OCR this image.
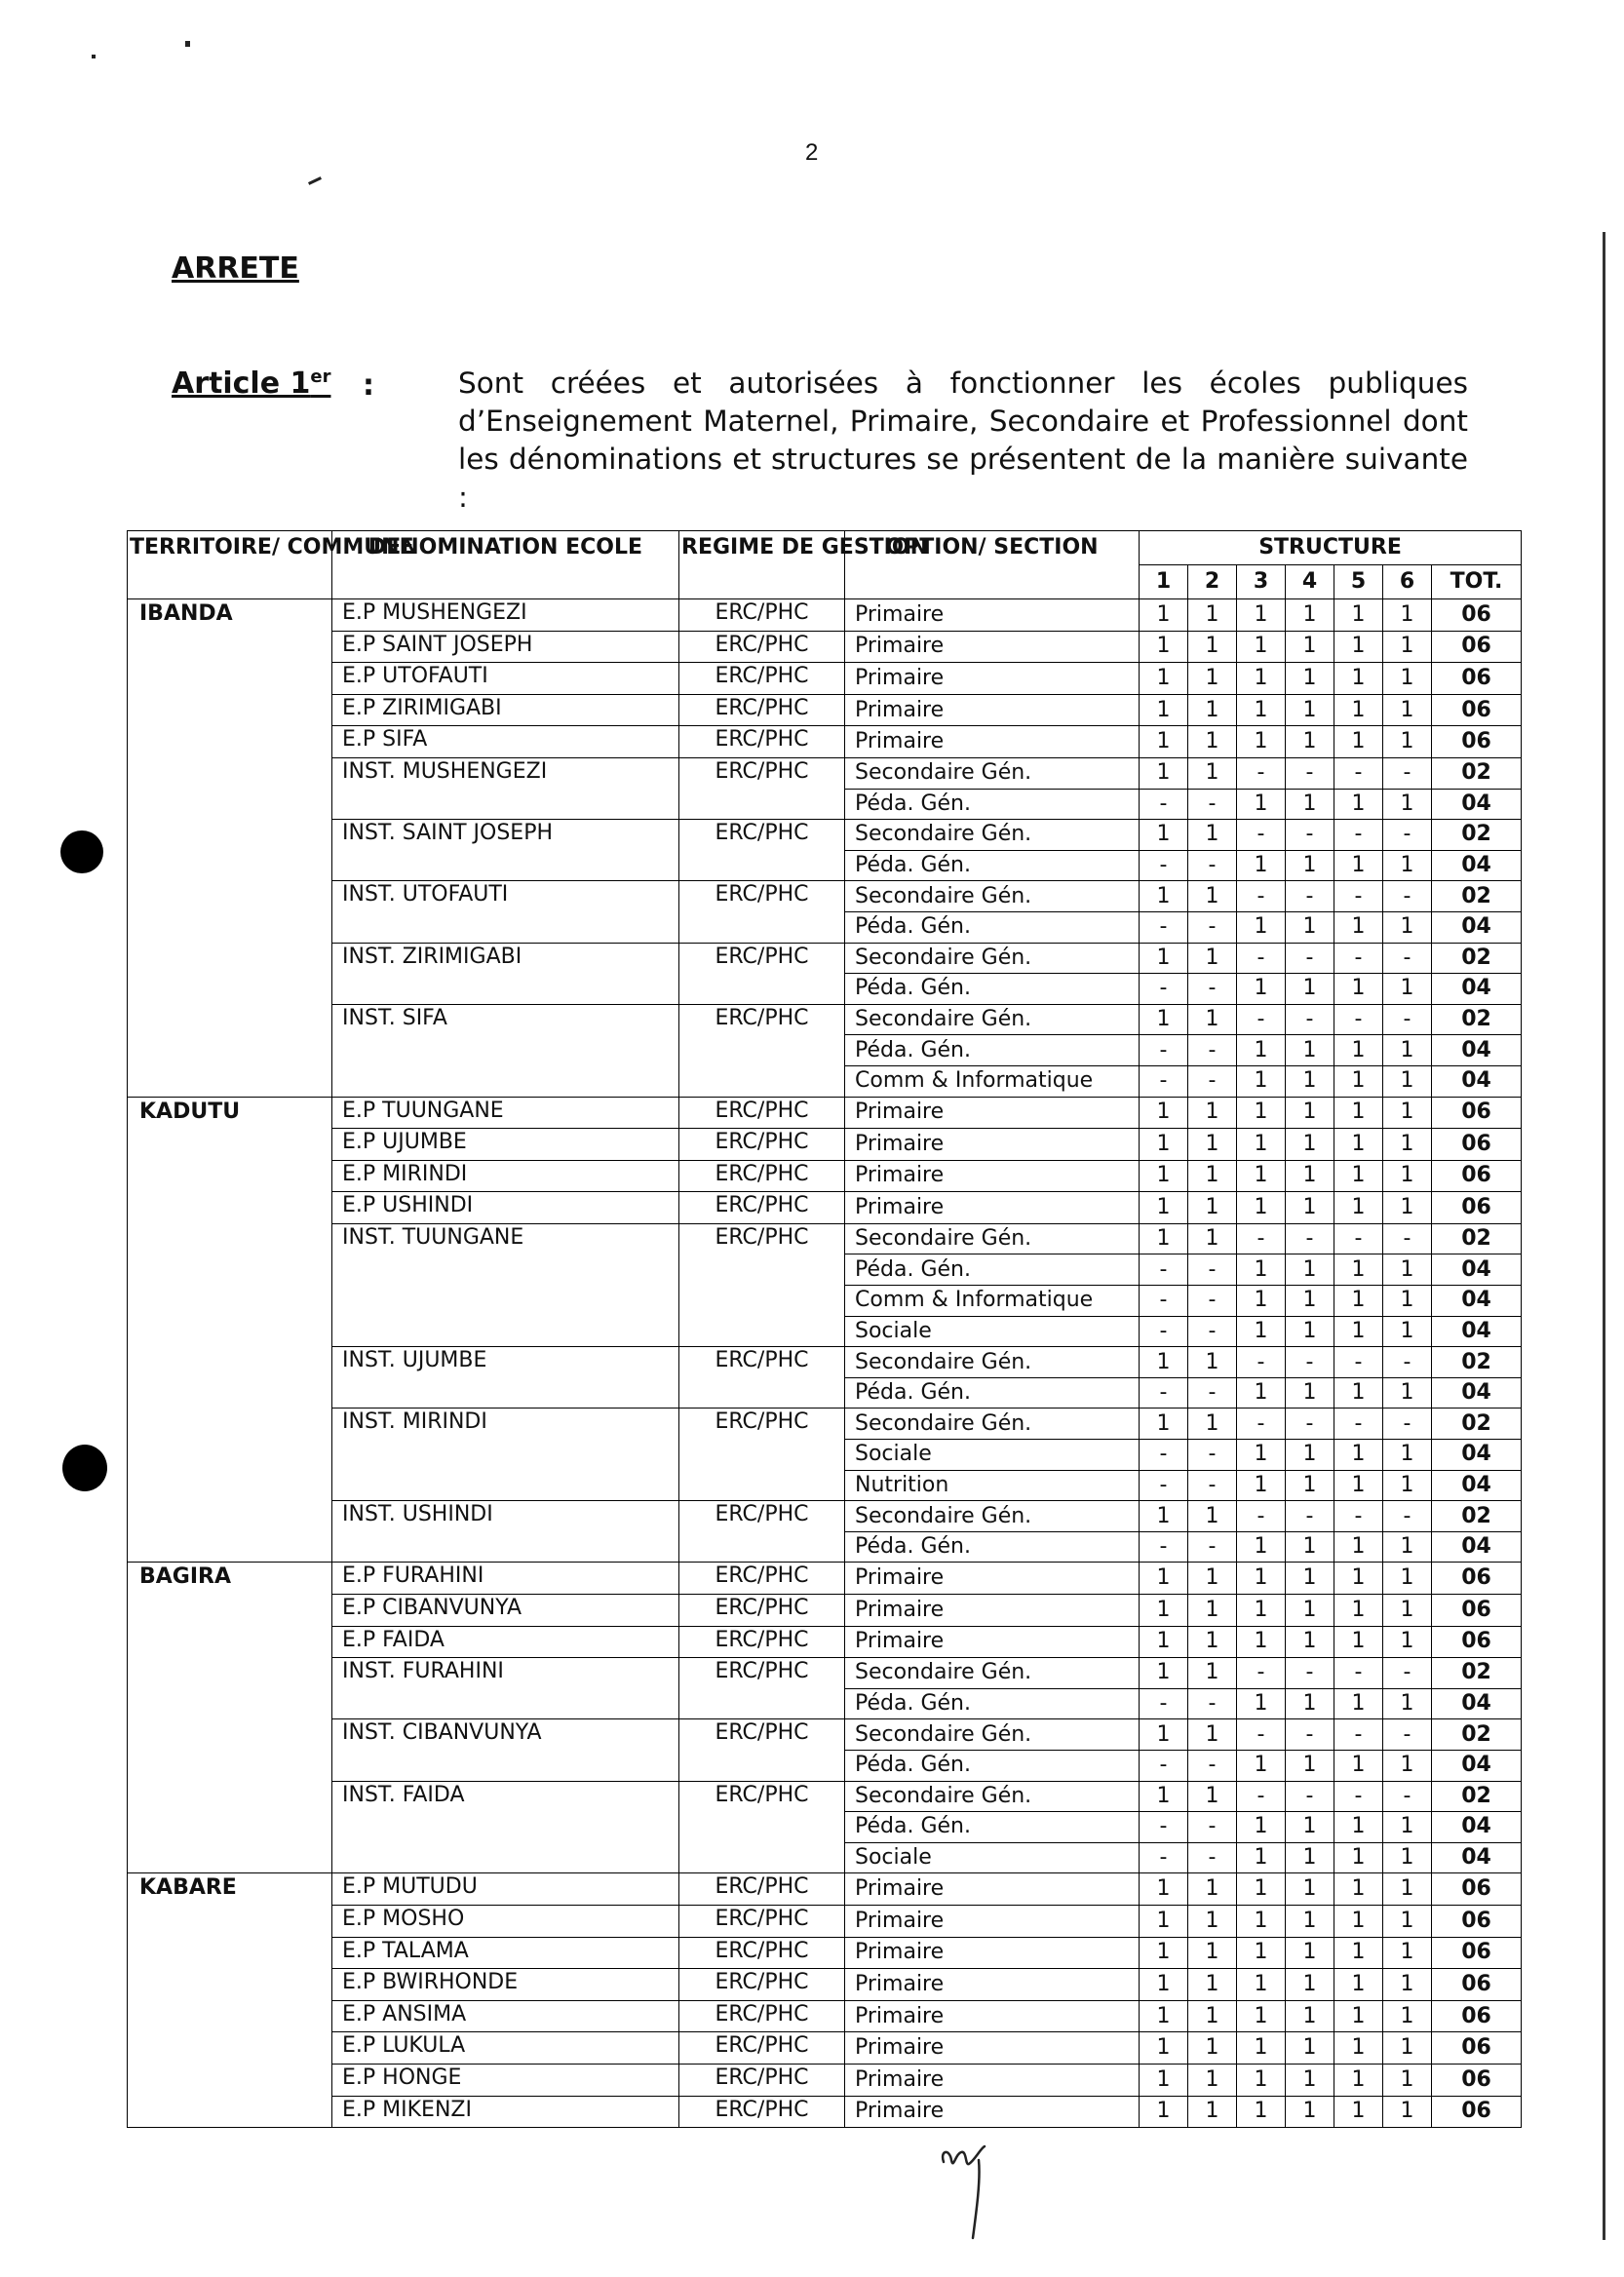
2
ARRETE
Article 1er :	Sont créées et autorisées à fonctionner les écoles publiques d’Enseignement Maternel, Primaire, Secondaire et Professionnel dont les dénominations et structures se présentent de la manière suivante :
TERRITOIRE/ COMMUNE	DENOMINATION ECOLE	REGIME DE GESTION	OPTION/ SECTION	STRUCTURE						
				1	2	3	4	5	6	TOT.
IBANDA	E.P MUSHENGEZI	ERC/PHC	Primaire	1	1	1	1	1	1	06
	E.P SAINT JOSEPH	ERC/PHC	Primaire	1	1	1	1	1	1	06
	E.P UTOFAUTI	ERC/PHC	Primaire	1	1	1	1	1	1	06
	E.P ZIRIMIGABI	ERC/PHC	Primaire	1	1	1	1	1	1	06
	E.P SIFA	ERC/PHC	Primaire	1	1	1	1	1	1	06
	INST. MUSHENGEZI	ERC/PHC	Secondaire Gén.	1	1	-	-	-	-	02
			Péda. Gén.	-	-	1	1	1	1	04
	INST. SAINT JOSEPH	ERC/PHC	Secondaire Gén.	1	1	-	-	-	-	02
			Péda. Gén.	-	-	1	1	1	1	04
	INST. UTOFAUTI	ERC/PHC	Secondaire Gén.	1	1	-	-	-	-	02
			Péda. Gén.	-	-	1	1	1	1	04
	INST. ZIRIMIGABI	ERC/PHC	Secondaire Gén.	1	1	-	-	-	-	02
			Péda. Gén.	-	-	1	1	1	1	04
	INST. SIFA	ERC/PHC	Secondaire Gén.	1	1	-	-	-	-	02
			Péda. Gén.	-	-	1	1	1	1	04
			Comm & Informatique	-	-	1	1	1	1	04
KADUTU	E.P TUUNGANE	ERC/PHC	Primaire	1	1	1	1	1	1	06
	E.P UJUMBE	ERC/PHC	Primaire	1	1	1	1	1	1	06
	E.P MIRINDI	ERC/PHC	Primaire	1	1	1	1	1	1	06
	E.P USHINDI	ERC/PHC	Primaire	1	1	1	1	1	1	06
	INST. TUUNGANE	ERC/PHC	Secondaire Gén.	1	1	-	-	-	-	02
			Péda. Gén.	-	-	1	1	1	1	04
			Comm & Informatique	-	-	1	1	1	1	04
			Sociale	-	-	1	1	1	1	04
	INST. UJUMBE	ERC/PHC	Secondaire Gén.	1	1	-	-	-	-	02
			Péda. Gén.	-	-	1	1	1	1	04
	INST. MIRINDI	ERC/PHC	Secondaire Gén.	1	1	-	-	-	-	02
			Sociale	-	-	1	1	1	1	04
			Nutrition	-	-	1	1	1	1	04
	INST. USHINDI	ERC/PHC	Secondaire Gén.	1	1	-	-	-	-	02
			Péda. Gén.	-	-	1	1	1	1	04
BAGIRA	E.P FURAHINI	ERC/PHC	Primaire	1	1	1	1	1	1	06
	E.P CIBANVUNYA	ERC/PHC	Primaire	1	1	1	1	1	1	06
	E.P FAIDA	ERC/PHC	Primaire	1	1	1	1	1	1	06
	INST. FURAHINI	ERC/PHC	Secondaire Gén.	1	1	-	-	-	-	02
			Péda. Gén.	-	-	1	1	1	1	04
	INST. CIBANVUNYA	ERC/PHC	Secondaire Gén.	1	1	-	-	-	-	02
			Péda. Gén.	-	-	1	1	1	1	04
	INST. FAIDA	ERC/PHC	Secondaire Gén.	1	1	-	-	-	-	02
			Péda. Gén.	-	-	1	1	1	1	04
			Sociale	-	-	1	1	1	1	04
KABARE	E.P MUTUDU	ERC/PHC	Primaire	1	1	1	1	1	1	06
	E.P MOSHO	ERC/PHC	Primaire	1	1	1	1	1	1	06
	E.P TALAMA	ERC/PHC	Primaire	1	1	1	1	1	1	06
	E.P BWIRHONDE	ERC/PHC	Primaire	1	1	1	1	1	1	06
	E.P ANSIMA	ERC/PHC	Primaire	1	1	1	1	1	1	06
	E.P LUKULA	ERC/PHC	Primaire	1	1	1	1	1	1	06
	E.P HONGE	ERC/PHC	Primaire	1	1	1	1	1	1	06
	E.P MIKENZI	ERC/PHC	Primaire	1	1	1	1	1	1	06
